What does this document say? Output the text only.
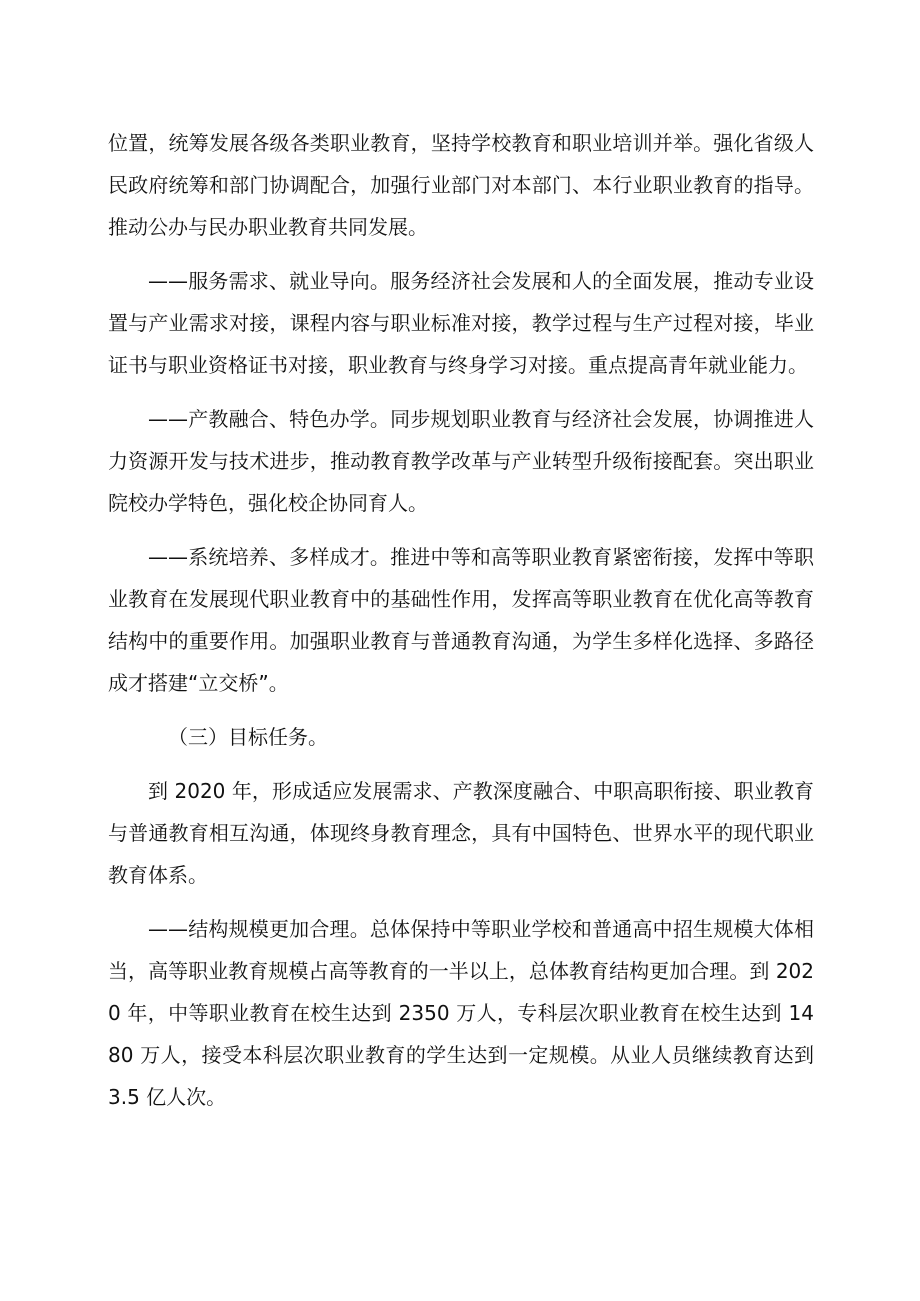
位置，统筹发展各级各类职业教育，坚持学校教育和职业培训并举。强化省级人民政府统筹和部门协调配合，加强行业部门对本部门、本行业职业教育的指导。推动公办与民办职业教育共同发展。

——服务需求、就业导向。服务经济社会发展和人的全面发展，推动专业设置与产业需求对接，课程内容与职业标准对接，教学过程与生产过程对接，毕业证书与职业资格证书对接，职业教育与终身学习对接。重点提高青年就业能力。

——产教融合、特色办学。同步规划职业教育与经济社会发展，协调推进人力资源开发与技术进步，推动教育教学改革与产业转型升级衔接配套。突出职业院校办学特色，强化校企协同育人。

——系统培养、多样成才。推进中等和高等职业教育紧密衔接，发挥中等职业教育在发展现代职业教育中的基础性作用，发挥高等职业教育在优化高等教育结构中的重要作用。加强职业教育与普通教育沟通，为学生多样化选择、多路径成才搭建“立交桥”。

（三）目标任务。

到 2020 年，形成适应发展需求、产教深度融合、中职高职衔接、职业教育与普通教育相互沟通，体现终身教育理念，具有中国特色、世界水平的现代职业教育体系。

——结构规模更加合理。总体保持中等职业学校和普通高中招生规模大体相当，高等职业教育规模占高等教育的一半以上，总体教育结构更加合理。到 2020 年，中等职业教育在校生达到 2350 万人，专科层次职业教育在校生达到 1480 万人，接受本科层次职业教育的学生达到一定规模。从业人员继续教育达到 3.5 亿人次。
